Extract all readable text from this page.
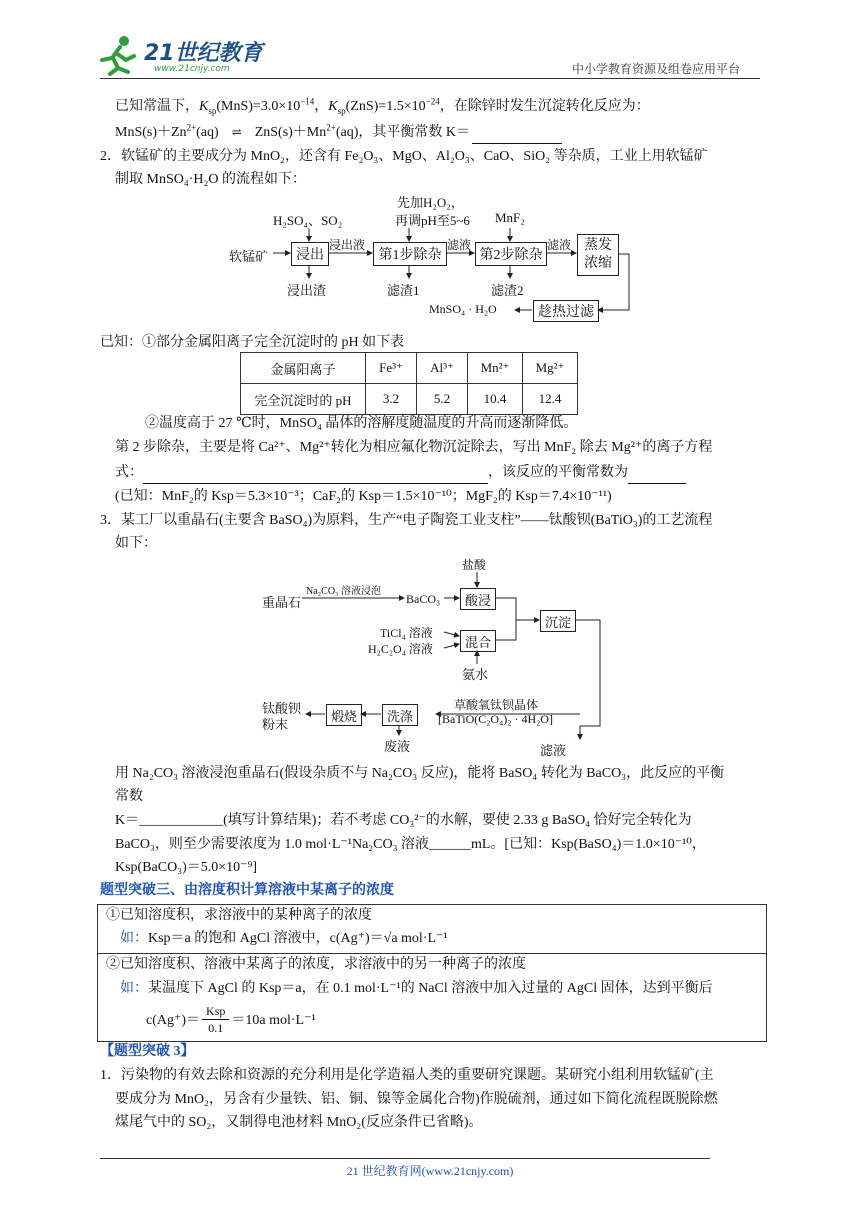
21世纪教育
www.21cnjy.com	中小学教育资源及组卷应用平台
已知常温下，$K_{sp}(MnS)=3.0\times 10^{-14}$，$K_{sp}(ZnS)=1.5\times 10^{-24}$，在除锌时发生沉淀转化反应为：
$MnS(s)+Zn^{2+}(aq)$ ⇌ $ZnS(s)+Mn^{2+}(aq)$，其平衡常数 K＝
2．软锰矿的主要成分为 MnO₂，还含有 Fe₂O₃、MgO、Al₂O₃、CaO、SiO₂ 等杂质，工业上用软锰矿
制取 MnSO₄·H₂O 的流程如下：
H₂SO₄、SO₂
先加H₂O₂，
再调pH至5~6 MnF₂
软锰矿	浸出	第1步除杂	第2步除杂
蒸发
浓缩
趁热过滤
浸出液	滤液	滤液
浸出渣	滤渣1	滤渣2
MnSO₄ · H₂O
已知：①部分金属阳离子完全沉淀时的 pH 如下表
金属阳离子	Fe³⁺	Al³⁺	Mn²⁺	Mg²⁺
完全沉淀时的 pH	3.2	5.2	10.4	12.4
②温度高于 27 ℃时，MnSO₄ 晶体的溶解度随温度的升高而逐渐降低。
第 2 步除杂，主要是将 Ca²⁺、Mg²⁺转化为相应氟化物沉淀除去，写出 MnF₂ 除去 Mg²⁺的离子方程
式：	，该反应的平衡常数为
(已知：MnF₂的 Ksp＝5.3×10⁻³；CaF₂的 Ksp＝1.5×10⁻¹⁰；MgF₂的 Ksp＝7.4×10⁻¹¹)
3．某工厂以重晶石(主要含 BaSO₄)为原料，生产“电子陶瓷工业支柱”——钛酸钡(BaTiO₃)的工艺流程
如下：
盐酸
重晶石
Na₂CO₃ 溶液浸泡
BaCO₃	酸浸
沉淀
TiCl₄ 溶液
H₂C₂O₄ 溶液	混合
氨水
草酸氧钛钡晶体
[BaTiO(C₂O₄)₂ · 4H₂O]
钛酸钡
粉末
煅烧	洗涤
废液	滤液
用 Na₂CO₃ 溶液浸泡重晶石(假设杂质不与 Na₂CO₃ 反应)，能将 BaSO₄ 转化为 BaCO₃，此反应的平衡
常数
K＝____________(填写计算结果)；若不考虑 CO₃²⁻的水解，要使 2.33 g BaSO₄ 恰好完全转化为
BaCO₃，则至少需要浓度为 1.0 mol·L⁻¹Na₂CO₃ 溶液______mL。[已知：Ksp(BaSO₄)＝1.0×10⁻¹⁰，
Ksp(BaCO₃)＝5.0×10⁻⁹]
题型突破三、由溶度积计算溶液中某离子的浓度
①已知溶度积，求溶液中的某种离子的浓度
如：Ksp＝a 的饱和 AgCl 溶液中，c(Ag⁺)＝√a mol·L⁻¹
②已知溶度积、溶液中某离子的浓度，求溶液中的另一种离子的浓度
如：某温度下 AgCl 的 Ksp＝a，在 0.1 mol·L⁻¹的 NaCl 溶液中加入过量的 AgCl 固体，达到平衡后
c(Ag⁺)＝
Ksp
0.1 ＝10a mol·L⁻¹
【题型突破 3】
1．污染物的有效去除和资源的充分利用是化学造福人类的重要研究课题。某研究小组利用软锰矿(主
要成分为 MnO₂，另含有少量铁、铝、铜、镍等金属化合物)作脱硫剂，通过如下简化流程既脱除燃
煤尾气中的 SO₂，又制得电池材料 MnO₂(反应条件已省略)。
21 世纪教育网(www.21cnjy.com)
